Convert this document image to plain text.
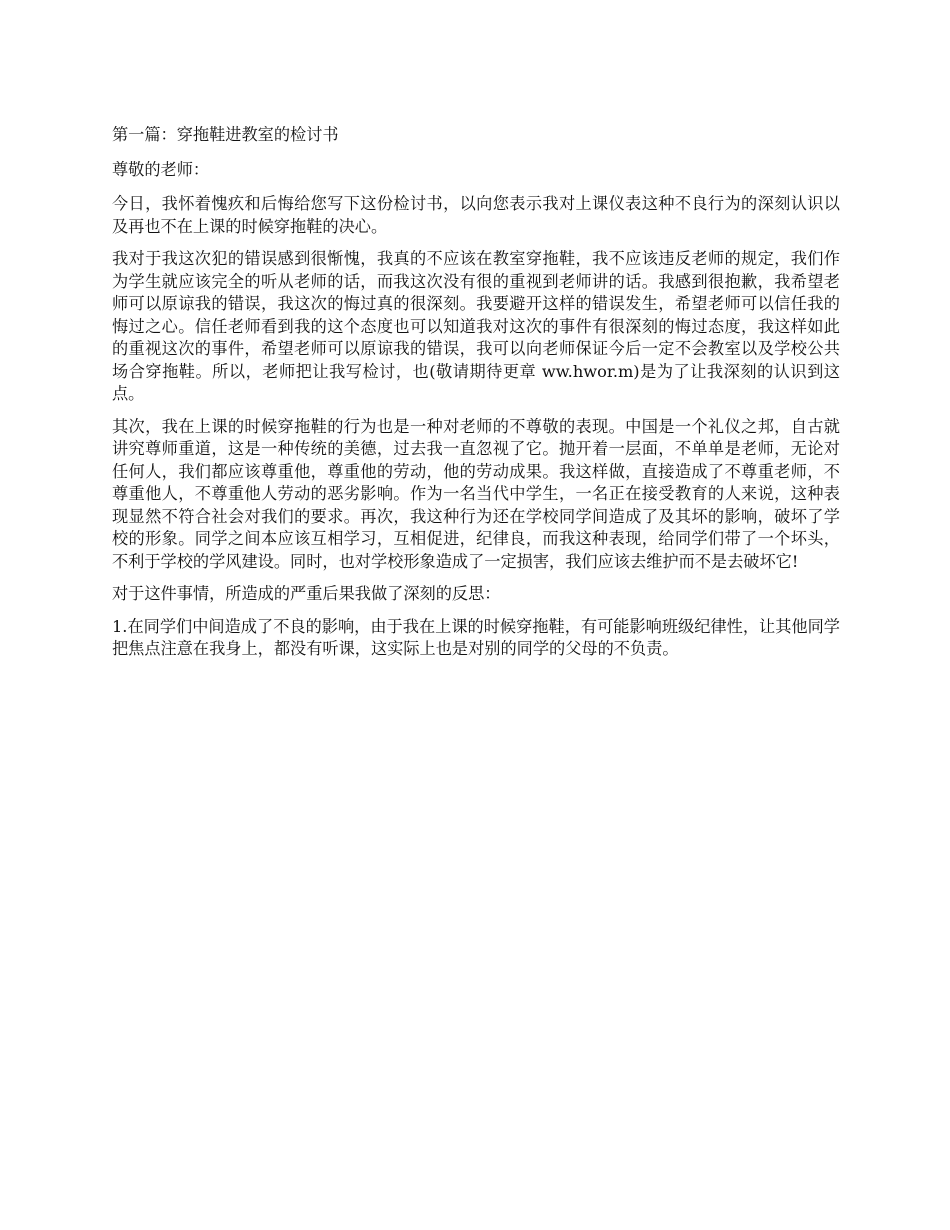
第一篇：穿拖鞋进教室的检讨书

尊敬的老师：

今日，我怀着愧疚和后悔给您写下这份检讨书，以向您表示我对上课仪表这种不良行为的深刻认识以及再也不在上课的时候穿拖鞋的决心。

我对于我这次犯的错误感到很惭愧，我真的不应该在教室穿拖鞋，我不应该违反老师的规定，我们作为学生就应该完全的听从老师的话，而我这次没有很的重视到老师讲的话。我感到很抱歉，我希望老师可以原谅我的错误，我这次的悔过真的很深刻。我要避开这样的错误发生，希望老师可以信任我的悔过之心。信任老师看到我的这个态度也可以知道我对这次的事件有很深刻的悔过态度，我这样如此的重视这次的事件，希望老师可以原谅我的错误，我可以向老师保证今后一定不会教室以及学校公共场合穿拖鞋。所以，老师把让我写检讨，也(敬请期待更章 ww.hwor.m)是为了让我深刻的认识到这点。

其次，我在上课的时候穿拖鞋的行为也是一种对老师的不尊敬的表现。中国是一个礼仪之邦，自古就讲究尊师重道，这是一种传统的美德，过去我一直忽视了它。抛开着一层面，不单单是老师，无论对任何人，我们都应该尊重他，尊重他的劳动，他的劳动成果。我这样做，直接造成了不尊重老师，不尊重他人，不尊重他人劳动的恶劣影响。作为一名当代中学生，一名正在接受教育的人来说，这种表现显然不符合社会对我们的要求。再次，我这种行为还在学校同学间造成了及其坏的影响，破坏了学校的形象。同学之间本应该互相学习，互相促进，纪律良，而我这种表现，给同学们带了一个坏头，不利于学校的学风建设。同时，也对学校形象造成了一定损害，我们应该去维护而不是去破坏它!

对于这件事情，所造成的严重后果我做了深刻的反思：

1.在同学们中间造成了不良的影响，由于我在上课的时候穿拖鞋，有可能影响班级纪律性，让其他同学把焦点注意在我身上，都没有听课，这实际上也是对别的同学的父母的不负责。
